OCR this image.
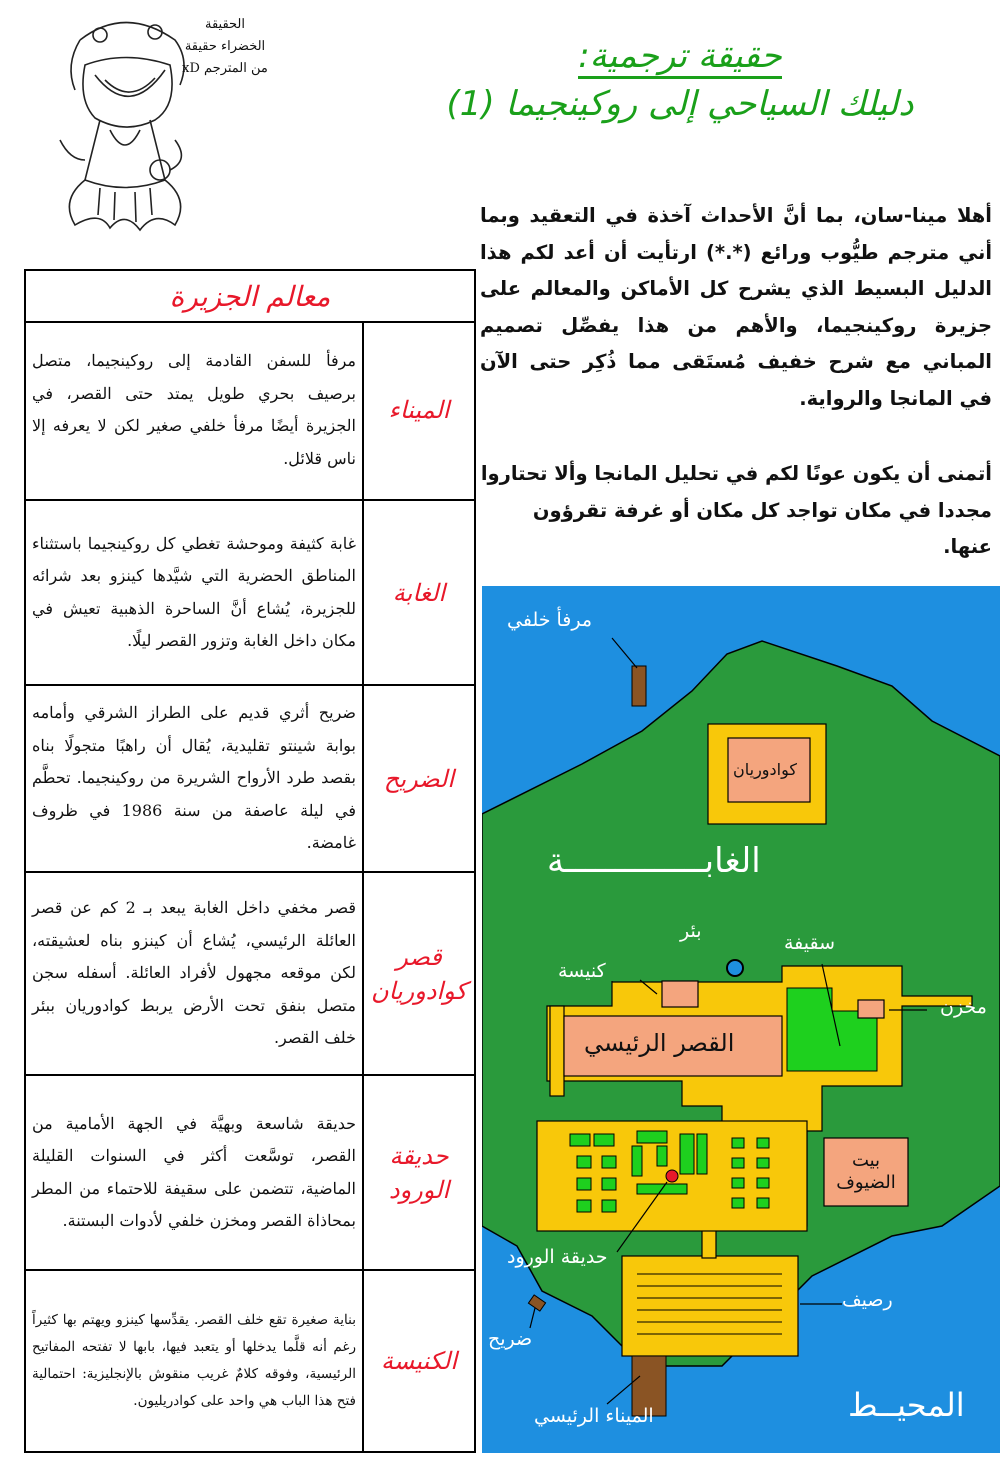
الحقيقة
الخضراء حقيقة
من المترجم xD	حقيقة ترجمية:
دليلك السياحي إلى روكينجيما (1)
أهلا مينا-سان، بما أنَّ الأحداث آخذة في التعقيد وبما أني مترجم طيُّوب ورائع (*.*) ارتأيت أن أعد لكم هذا الدليل البسيط الذي يشرح كل الأماكن والمعالم على جزيرة روكينجيما، والأهم من هذا يفصِّل تصميم المباني مع شرح خفيف مُستَقى مما ذُكِر حتى الآن في المانجا والرواية.
أتمنى أن يكون عونًا لكم في تحليل المانجا وألا تحتاروا مجددا في مكان تواجد كل مكان أو غرفة تقرؤون عنها.
معالم الجزيرة
الميناء
مرفأ للسفن القادمة إلى روكينجيما، متصل برصيف بحري طويل يمتد حتى القصر، في الجزيرة أيضًا مرفأ خلفي صغير لكن لا يعرفه إلا ناس قلائل.
الغابة
غابة كثيفة وموحشة تغطي كل روكينجيما باستثناء المناطق الحضرية التي شيَّدها كينزو بعد شرائه للجزيرة، يُشاع أنَّ الساحرة الذهبية تعيش في مكان داخل الغابة وتزور القصر ليلًا.
الضريح
ضريح أثري قديم على الطراز الشرقي وأمامه بوابة شينتو تقليدية، يُقال أن راهبًا متجولًا بناه بقصد طرد الأرواح الشريرة من روكينجيما. تحطَّم في ليلة عاصفة من سنة 1986 في ظروف غامضة.
قصر كوادوريان
قصر مخفي داخل الغابة يبعد بـ 2 كم عن قصر العائلة الرئيسي، يُشاع أن كينزو بناه لعشيقته، لكن موقعه مجهول لأفراد العائلة. أسفله سجن متصل بنفق تحت الأرض يربط كوادوريان ببئر خلف القصر.
حديقة الورود
حديقة شاسعة وبهيَّة في الجهة الأمامية من القصر، توسَّعت أكثر في السنوات القليلة الماضية، تتضمن على سقيفة للاحتماء من المطر بمحاذاة القصر ومخزن خلفي لأدوات البستنة.
الكنيسة
بناية صغيرة تقع خلف القصر. يقدِّسها كينزو ويهتم بها كثيراً رغم أنه قلَّما يدخلها أو يتعبد فيها، بابها لا تفتحه المفاتيح الرئيسية، وفوقه كلامٌ غريب منقوش بالإنجليزية: احتمالية فتح هذا الباب هي واحد على كوادريليون.
مرفأ خلفي
كوادوريان
الغابــــــــــــــة
بئر
سقيفة
كنيسة
مخزن
القصر الرئيسي
بيت الضيوف
حديقة الورود
رصيف
ضريح
الميناء الرئيسي	المحيــط
